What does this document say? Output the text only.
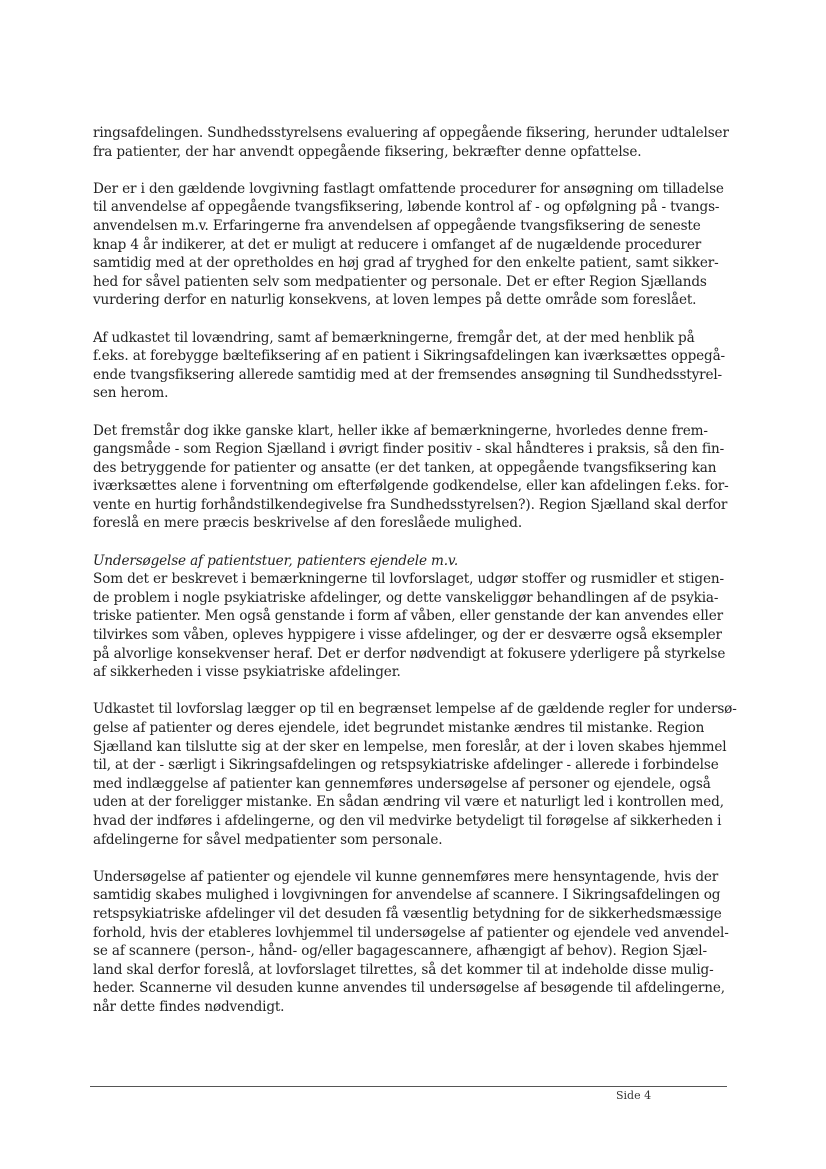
ringsafdelingen. Sundhedsstyrelsens evaluering af oppegående fiksering, herunder udtalelser
fra patienter, der har anvendt oppegående fiksering, bekræfter denne opfattelse.
Der er i den gældende lovgivning fastlagt omfattende procedurer for ansøgning om tilladelse
til anvendelse af oppegående tvangsfiksering, løbende kontrol af - og opfølgning på - tvangs-
anvendelsen m.v. Erfaringerne fra anvendelsen af oppegående tvangsfiksering de seneste
knap 4 år indikerer, at det er muligt at reducere i omfanget af de nugældende procedurer
samtidig med at der opretholdes en høj grad af tryghed for den enkelte patient, samt sikker-
hed for såvel patienten selv som medpatienter og personale. Det er efter Region Sjællands
vurdering derfor en naturlig konsekvens, at loven lempes på dette område som foreslået.
Af udkastet til lovændring, samt af bemærkningerne, fremgår det, at der med henblik på
f.eks. at forebygge bæltefiksering af en patient i Sikringsafdelingen kan iværksættes oppegå-
ende tvangsfiksering allerede samtidig med at der fremsendes ansøgning til Sundhedsstyrel-
sen herom.
Det fremstår dog ikke ganske klart, heller ikke af bemærkningerne, hvorledes denne frem-
gangsmåde - som Region Sjælland i øvrigt finder positiv - skal håndteres i praksis, så den fin-
des betryggende for patienter og ansatte (er det tanken, at oppegående tvangsfiksering kan
iværksættes alene i forventning om efterfølgende godkendelse, eller kan afdelingen f.eks. for-
vente en hurtig forhåndstilkendegivelse fra Sundhedsstyrelsen?). Region Sjælland skal derfor
foreslå en mere præcis beskrivelse af den foreslåede mulighed.
Undersøgelse af patientstuer, patienters ejendele m.v.
Som det er beskrevet i bemærkningerne til lovforslaget, udgør stoffer og rusmidler et stigen-
de problem i nogle psykiatriske afdelinger, og dette vanskeliggør behandlingen af de psykia-
triske patienter. Men også genstande i form af våben, eller genstande der kan anvendes eller
tilvirkes som våben, opleves hyppigere i visse afdelinger, og der er desværre også eksempler
på alvorlige konsekvenser heraf. Det er derfor nødvendigt at fokusere yderligere på styrkelse
af sikkerheden i visse psykiatriske afdelinger.
Udkastet til lovforslag lægger op til en begrænset lempelse af de gældende regler for undersø-
gelse af patienter og deres ejendele, idet begrundet mistanke ændres til mistanke. Region
Sjælland kan tilslutte sig at der sker en lempelse, men foreslår, at der i loven skabes hjemmel
til, at der - særligt i Sikringsafdelingen og retspsykiatriske afdelinger - allerede i forbindelse
med indlæggelse af patienter kan gennemføres undersøgelse af personer og ejendele, også
uden at der foreligger mistanke. En sådan ændring vil være et naturligt led i kontrollen med,
hvad der indføres i afdelingerne, og den vil medvirke betydeligt til forøgelse af sikkerheden i
afdelingerne for såvel medpatienter som personale.
Undersøgelse af patienter og ejendele vil kunne gennemføres mere hensyntagende, hvis der
samtidig skabes mulighed i lovgivningen for anvendelse af scannere. I Sikringsafdelingen og
retspsykiatriske afdelinger vil det desuden få væsentlig betydning for de sikkerhedsmæssige
forhold, hvis der etableres lovhjemmel til undersøgelse af patienter og ejendele ved anvendel-
se af scannere (person-, hånd- og/eller bagagescannere, afhængigt af behov). Region Sjæl-
land skal derfor foreslå, at lovforslaget tilrettes, så det kommer til at indeholde disse mulig-
heder. Scannerne vil desuden kunne anvendes til undersøgelse af besøgende til afdelingerne,
når dette findes nødvendigt.
Side 4
